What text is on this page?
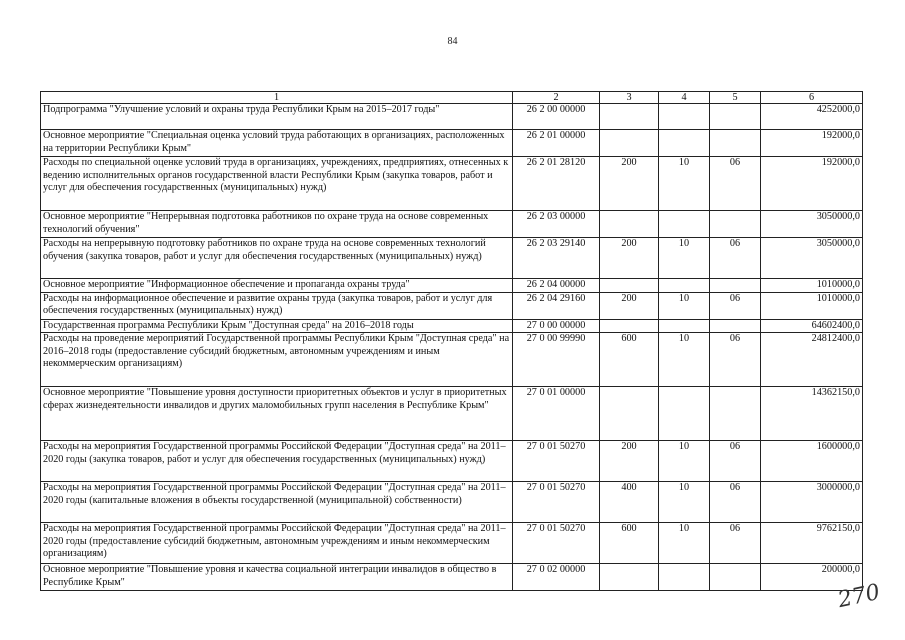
84
1	2	3	4	5	6
Подпрограмма "Улучшение условий и охраны труда Республики Крым на 2015–2017 годы"	26 2 00 00000				4252000,0
Основное мероприятие "Специальная оценка условий труда работающих в организациях, расположенных на территории Республики Крым"	26 2 01 00000				192000,0
Расходы по специальной оценке условий труда в организациях, учреждениях, предприятиях, отнесенных к ведению исполнительных органов государственной власти Республики Крым (закупка товаров, работ и услуг для обеспечения государственных (муниципальных) нужд)	26 2 01 28120	200	10	06	192000,0
Основное мероприятие "Непрерывная подготовка работников по охране труда на основе современных технологий обучения"	26 2 03 00000				3050000,0
Расходы на непрерывную подготовку работников по охране труда на основе современных технологий обучения (закупка товаров, работ и услуг для обеспечения государственных (муниципальных) нужд)	26 2 03 29140	200	10	06	3050000,0
Основное мероприятие "Информационное обеспечение и пропаганда охраны труда"	26 2 04 00000				1010000,0
Расходы на информационное обеспечение и развитие охраны труда (закупка товаров, работ и услуг для обеспечения государственных (муниципальных) нужд)	26 2 04 29160	200	10	06	1010000,0
Государственная программа Республики Крым "Доступная среда" на 2016–2018 годы	27 0 00 00000				64602400,0
Расходы на проведение мероприятий Государственной программы Республики Крым "Доступная среда" на 2016–2018 годы (предоставление субсидий бюджетным, автономным учреждениям и иным некоммерческим организациям)	27 0 00 99990	600	10	06	24812400,0
Основное мероприятие "Повышение уровня доступности приоритетных объектов и услуг в приоритетных сферах жизнедеятельности инвалидов и других маломобильных групп населения в Республике Крым"	27 0 01 00000				14362150,0
Расходы на мероприятия Государственной программы Российской Федерации "Доступная среда" на 2011–2020 годы (закупка товаров, работ и услуг для обеспечения государственных (муниципальных) нужд)	27 0 01 50270	200	10	06	1600000,0
Расходы на мероприятия Государственной программы Российской Федерации "Доступная среда" на 2011–2020 годы (капитальные вложения в объекты государственной (муниципальной) собственности)	27 0 01 50270	400	10	06	3000000,0
Расходы на мероприятия Государственной программы Российской Федерации "Доступная среда" на 2011–2020 годы (предоставление субсидий бюджетным, автономным учреждениям и иным некоммерческим организациям)	27 0 01 50270	600	10	06	9762150,0
Основное мероприятие "Повышение уровня и качества социальной интеграции инвалидов в общество в Республике Крым"	27 0 02 00000				200000,0
270
